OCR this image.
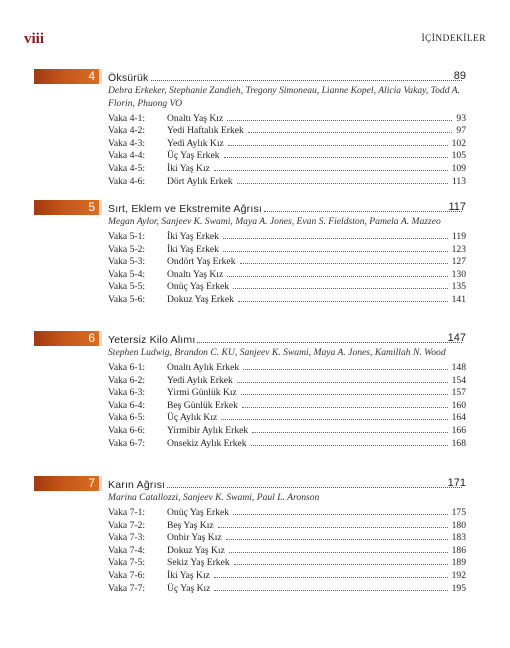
viii	İÇİNDEKİLER
4 Öksürük	89
Debra Erkeker, Stephanie Zandieh, Tregony Simoneau, Lianne Kopel, Alicia Vakay, Todd A. Florin, Phuong VO
Vaka 4-1:	Onaltı Yaş Kız	93
Vaka 4-2:	Yedi Haftalık Erkek	97
Vaka 4-3:	Yedi Aylık Kız	102
Vaka 4-4:	Üç Yaş Erkek	105
Vaka 4-5:	İki Yaş Kız	109
Vaka 4-6:	Dört Aylık Erkek	113
5 Sırt, Eklem ve Ekstremite Ağrısı	117
Megan Aylor, Sanjeev K. Swami, Maya A. Jones, Evan S. Fieldston, Pamela A. Mazzeo
Vaka 5-1:	İki Yaş Erkek	119
Vaka 5-2:	İki Yaş Erkek	123
Vaka 5-3:	Ondört Yaş Erkek	127
Vaka 5-4:	Onaltı Yaş Kız	130
Vaka 5-5:	Onüç Yaş Erkek	135
Vaka 5-6:	Dokuz Yaş Erkek	141
6 Yetersiz Kilo Alımı	147
Stephen Ludwig, Brandon C. KU, Sanjeev K. Swami, Maya A. Jones, Kamillah N. Wood
Vaka 6-1:	Onaltı Aylık Erkek	148
Vaka 6-2:	Yedi Aylık Erkek	154
Vaka 6-3:	Yirmi Günlük Kız	157
Vaka 6-4:	Beş Günlük Erkek	160
Vaka 6-5:	Üç Aylık Kız	164
Vaka 6-6:	Yirmibir Aylık Erkek	166
Vaka 6-7:	Onsekiz Aylık Erkek	168
7 Karın Ağrısı	171
Marina Catallozzi, Sanjeev K. Swami, Paul L. Aronson
Vaka 7-1:	Onüç Yaş Erkek	175
Vaka 7-2:	Beş Yaş Kız	180
Vaka 7-3:	Onbir Yaş Kız	183
Vaka 7-4:	Dokuz Yaş Kız	186
Vaka 7-5:	Sekiz Yaş Erkek	189
Vaka 7-6:	İki Yaş Kız	192
Vaka 7-7:	Üç Yaş Kız	195
